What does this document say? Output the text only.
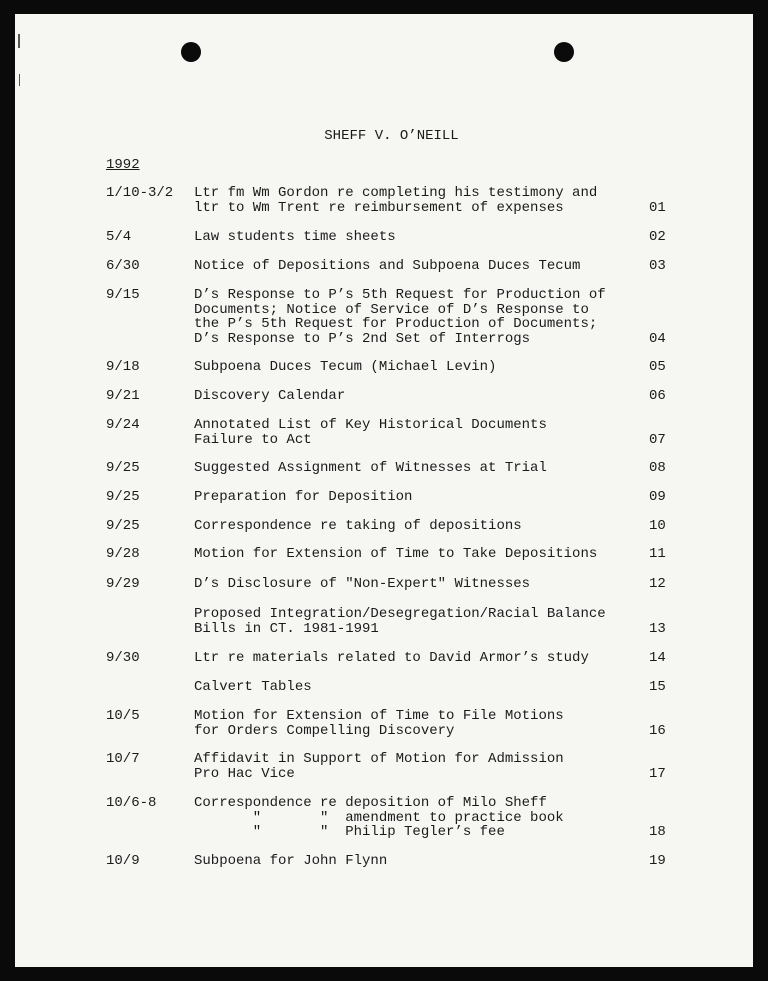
SHEFF V. O’NEILL
1992
1/10-3/2 Ltr fm Wm Gordon re completing his testimony and
ltr to Wm Trent re reimbursement of expenses	01
5/4	Law students time sheets	02
6/30	Notice of Depositions and Subpoena Duces Tecum	03
9/15	D’s Response to P’s 5th Request for Production of
Documents; Notice of Service of D’s Response to
the P’s 5th Request for Production of Documents;
D’s Response to P’s 2nd Set of Interrogs	04
9/18	Subpoena Duces Tecum (Michael Levin)	05
9/21	Discovery Calendar	06
9/24	Annotated List of Key Historical Documents
Failure to Act	07
9/25	Suggested Assignment of Witnesses at Trial	08
9/25	Preparation for Deposition	09
9/25	Correspondence re taking of depositions	10
9/28	Motion for Extension of Time to Take Depositions	11
9/29	D’s Disclosure of "Non-Expert" Witnesses	12
Proposed Integration/Desegregation/Racial Balance
Bills in CT. 1981-1991	13
9/30	Ltr re materials related to David Armor’s study	14
Calvert Tables	15
10/5	Motion for Extension of Time to File Motions
for Orders Compelling Discovery	16
10/7	Affidavit in Support of Motion for Admission
Pro Hac Vice	17
10/6-8	Correspondence re deposition of Milo Sheff
"       "  amendment to practice book
"       "  Philip Tegler’s fee	18
10/9	Subpoena for John Flynn	19
